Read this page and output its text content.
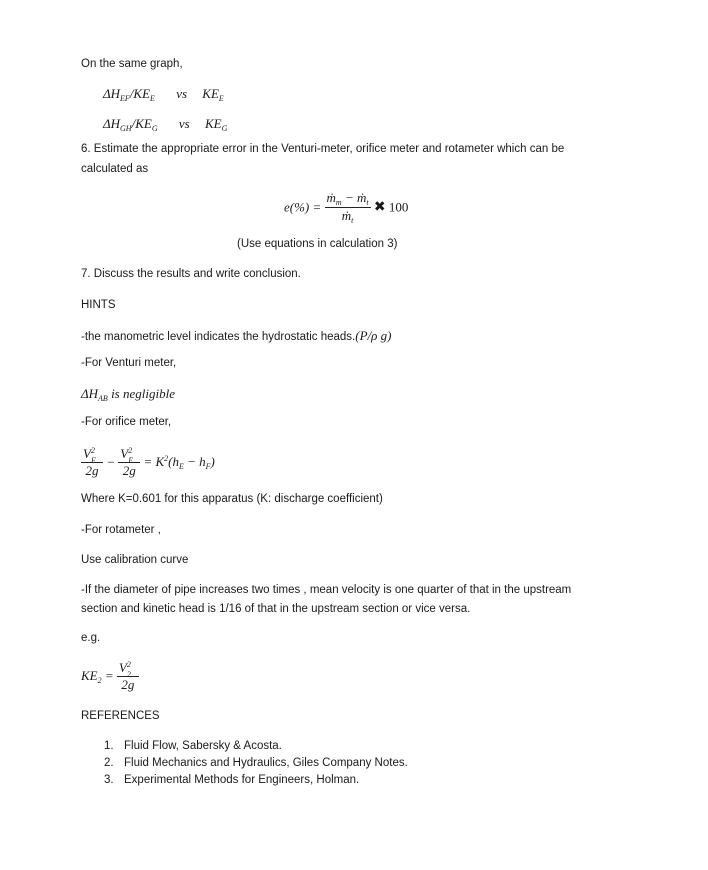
On the same graph,
$\Delta H_{EF}/KE_E$ vs $KE_E$
$\Delta H_{GH}/KE_G$ vs $KE_G$
6. Estimate the appropriate error in the Venturi-meter, orifice meter and rotameter which can be
calculated as
$e(\%) = \frac{ṁ_m - ṁ_t}{ṁ_t}$ ✖ 100
(Use equations in calculation 3)
7. Discuss the results and write conclusion.
HINTS
-the manometric level indicates the hydrostatic heads.(P/ρ g)
-For Venturi meter,
$\Delta H_{AB}$ is negligible
-For orifice meter,
V 2
F
2g − V 2
E
$2g = K^2(h_E - h_F)$
Where K=0.601 for this apparatus (K: discharge coefficient)
-For rotameter ,
Use calibration curve
-If the diameter of pipe increases two times , mean velocity is one quarter of that in the upstream
section and kinetic head is 1/16 of that in the upstream section or vice versa.
e.g.
$KE_2 = V$ 2
2
2g
REFERENCES
1. Fluid Flow, Sabersky & Acosta.
2. Fluid Mechanics and Hydraulics, Giles Company Notes.
3. Experimental Methods for Engineers, Holman.
